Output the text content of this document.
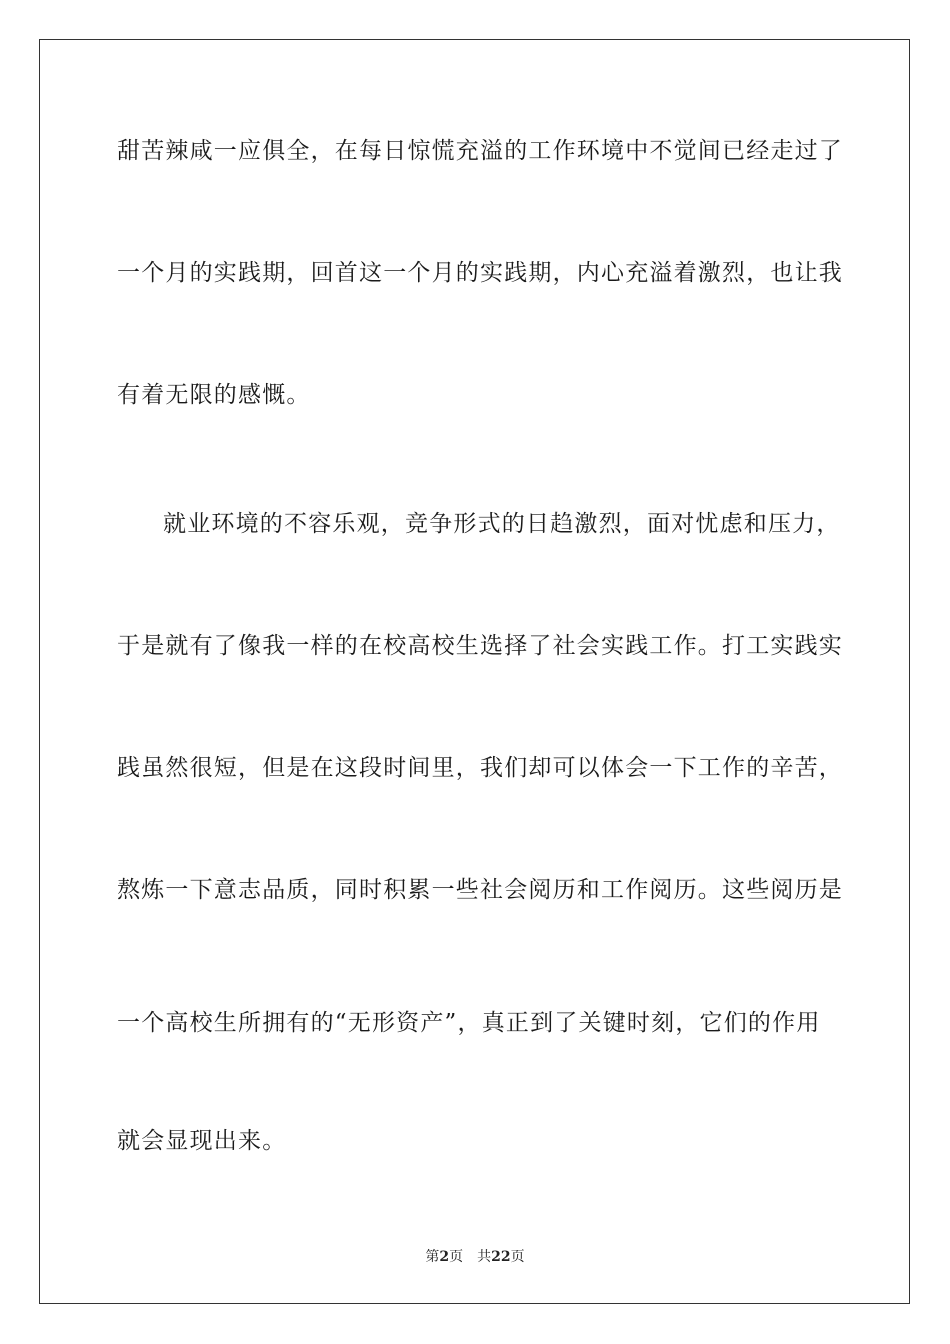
甜苦辣咸一应俱全，在每日惊慌充溢的工作环境中不觉间已经走过了
一个月的实践期，回首这一个月的实践期，内心充溢着激烈，也让我
有着无限的感慨。
就业环境的不容乐观，竞争形式的日趋激烈，面对忧虑和压力，
于是就有了像我一样的在校高校生选择了社会实践工作。打工实践实
践虽然很短，但是在这段时间里，我们却可以体会一下工作的辛苦，
熬炼一下意志品质，同时积累一些社会阅历和工作阅历。这些阅历是
一个高校生所拥有的“无形资产”，真正到了关键时刻，它们的作用
就会显现出来。
第2页 共22页
